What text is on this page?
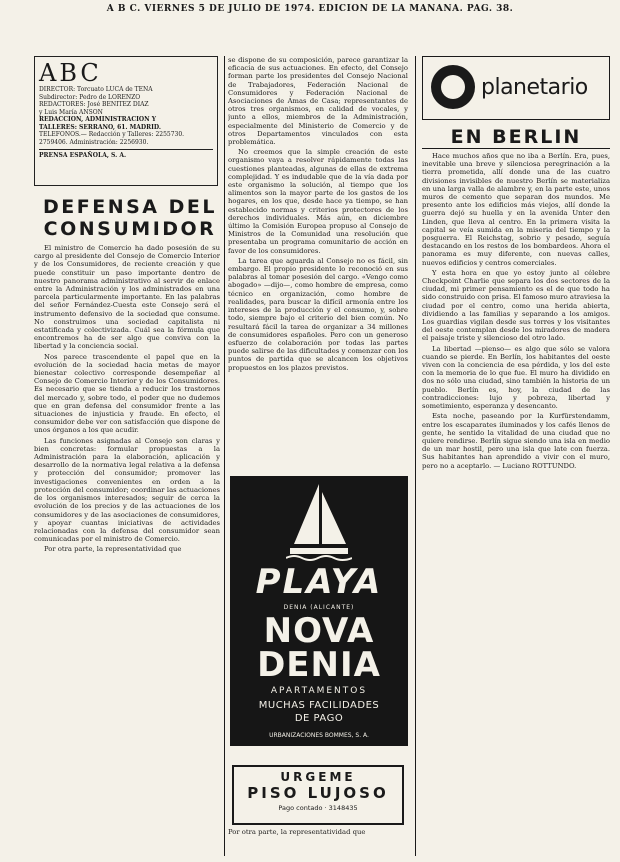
A B C. VIERNES 5 DE JULIO DE 1974. EDICION DE LA MAÑANA. PAG. 38.
ABC
DIRECTOR: Torcuato LUCA de TENA
Subdirector: Pedro de LORENZO
REDACTORES: José BENITEZ DIAZ
y Luis María ANSON
REDACCION, ADMINISTRACION Y
TALLERES: SERRANO, 61. MADRID.
TELEFONOS.— Redacción y Talleres: 2255730.
2759406. Administración: 2256930.
PRENSA ESPAÑOLA, S. A.
DEFENSA DEL CONSUMIDOR

El ministro de Comercio ha dado posesión de su cargo al presidente del Consejo de Comercio Interior y de los Consumidores, de reciente creación y que puede constituir un paso importante dentro de nuestro panorama administrativo al servir de enlace entre la Administración y los administrados en una parcela particularmente importante. En las palabras del señor Fernández-Cuesta este Consejo será el instrumento defensivo de la sociedad que consume. No construimos una sociedad capitalista ni estatificada y colectivizada. Cuál sea la fórmula que encontremos ha de ser algo que conviva con la libertad y la conciencia social.

Nos parece trascendente el papel que en la evolución de la sociedad hacia metas de mayor bienestar colectivo corresponde desempeñar al Consejo de Comercio Interior y de los Consumidores. Es necesario que se tienda a reducir los trastornos del mercado y, sobre todo, el poder que no dudemos que en gran defensa del consumidor frente a las situaciones de injusticia y fraude. En efecto, el consumidor debe ver con satisfacción que dispone de unos órganos a los que acudir.

Las funciones asignadas al Consejo son claras y bien concretas: formular propuestas a la Administración para la elaboración, aplicación y desarrollo de la normativa legal relativa a la defensa y protección del consumidor; promover las investigaciones convenientes en orden a la protección del consumidor; coordinar las actuaciones de los organismos interesados; seguir de cerca la evolución de los precios y de las actuaciones de los consumidores y de las asociaciones de consumidores, y apoyar cuantas iniciativas de actividades relacionadas con la defensa del consumidor sean comunicadas por el ministro de Comercio.

Por otra parte, la representatividad que

se dispone de su composición, parece garantizar la eficacia de sus actuaciones. En efecto, del Consejo forman parte los presidentes del Consejo Nacional de Trabajadores, Federación Nacional de Consumidores y Federación Nacional de Asociaciones de Amas de Casa; representantes de otros tres organismos, en calidad de vocales, y junto a ellos, miembros de la Administración, especialmente del Ministerio de Comercio y de otros Departamentos vinculados con esta problemática.

No creemos que la simple creación de este organismo vaya a resolver rápidamente todas las cuestiones planteadas, algunas de ellas de extrema complejidad. Y es indudable que de la vía dada por este organismo la solución, al tiempo que los alimentos son la mayor parte de los gastos de los hogares, en los que, desde hace ya tiempo, se han establecido normas y criterios protectores de los derechos individuales. Más aún, en diciembre último la Comisión Europea propuso al Consejo de Ministros de la Comunidad una resolución que presentaba un programa comunitario de acción en favor de los consumidores.

La tarea que aguarda al Consejo no es fácil, sin embargo. El propio presidente lo reconoció en sus palabras al tomar posesión del cargo. «Vengo como abogado» —dijo—, como hombre de empresa, como técnico en organización, como hombre de realidades, para buscar la difícil armonía entre los intereses de la producción y el consumo, y, sobre todo, siempre bajo el criterio del bien común. No resultará fácil la tarea de organizar a 34 millones de consumidores españoles. Pero con un generoso esfuerzo de colaboración por todas las partes puede salirse de las dificultades y comenzar con los puntos de partida que se alcancen los objetivos propuestos en los plazos previstos.

PLAYA
DENIA (ALICANTE)
NOVA
DENIA
APARTAMENTOS
MUCHAS FACILIDADES
DE PAGO
URBANIZACIONES BOMMES, S. A.
URGEME
PISO LUJOSO
Pago contado · 3148435
Por otra parte, la representatividad que
planetario
EN BERLIN

Hace muchos años que no iba a Berlín. Era, pues, inevitable una breve y silenciosa peregrinación a la tierra prometida, allí donde una de las cuatro divisiones invisibles de nuestro Berlín se materializa en una larga valla de alambre y, en la parte este, unos muros de cemento que separan dos mundos. Me presento ante los edificios más viejos, allí donde la guerra dejó su huella y en la avenida Unter den Linden, que lleva al centro. En la primera visita la capital se veía sumida en la miseria del tiempo y la posguerra. El Reichstag, sobrio y pesado, seguía destacando en los restos de los bombardeos. Ahora el panorama es muy diferente, con nuevas calles, nuevos edificios y centros comerciales.

Y esta hora en que yo estoy junto al célebre Checkpoint Charlie que separa los dos sectores de la ciudad, mi primer pensamiento es el de que todo ha sido construido con prisa. El famoso muro atraviesa la ciudad por el centro, como una herida abierta, dividiendo a las familias y separando a los amigos. Los guardias vigilan desde sus torres y los visitantes del oeste contemplan desde los miradores de madera el paisaje triste y silencioso del otro lado.

La libertad —pienso— es algo que sólo se valora cuando se pierde. En Berlín, los habitantes del oeste viven con la conciencia de esa pérdida, y los del este con la memoria de lo que fue. El muro ha dividido en dos no sólo una ciudad, sino también la historia de un pueblo. Berlín es, hoy, la ciudad de las contradicciones: lujo y pobreza, libertad y sometimiento, esperanza y desencanto.

Esta noche, paseando por la Kurfürstendamm, entre los escaparates iluminados y los cafés llenos de gente, he sentido la vitalidad de una ciudad que no quiere rendirse. Berlín sigue siendo una isla en medio de un mar hostil, pero una isla que late con fuerza. Sus habitantes han aprendido a vivir con el muro, pero no a aceptarlo. — Luciano ROTTUNDO.
